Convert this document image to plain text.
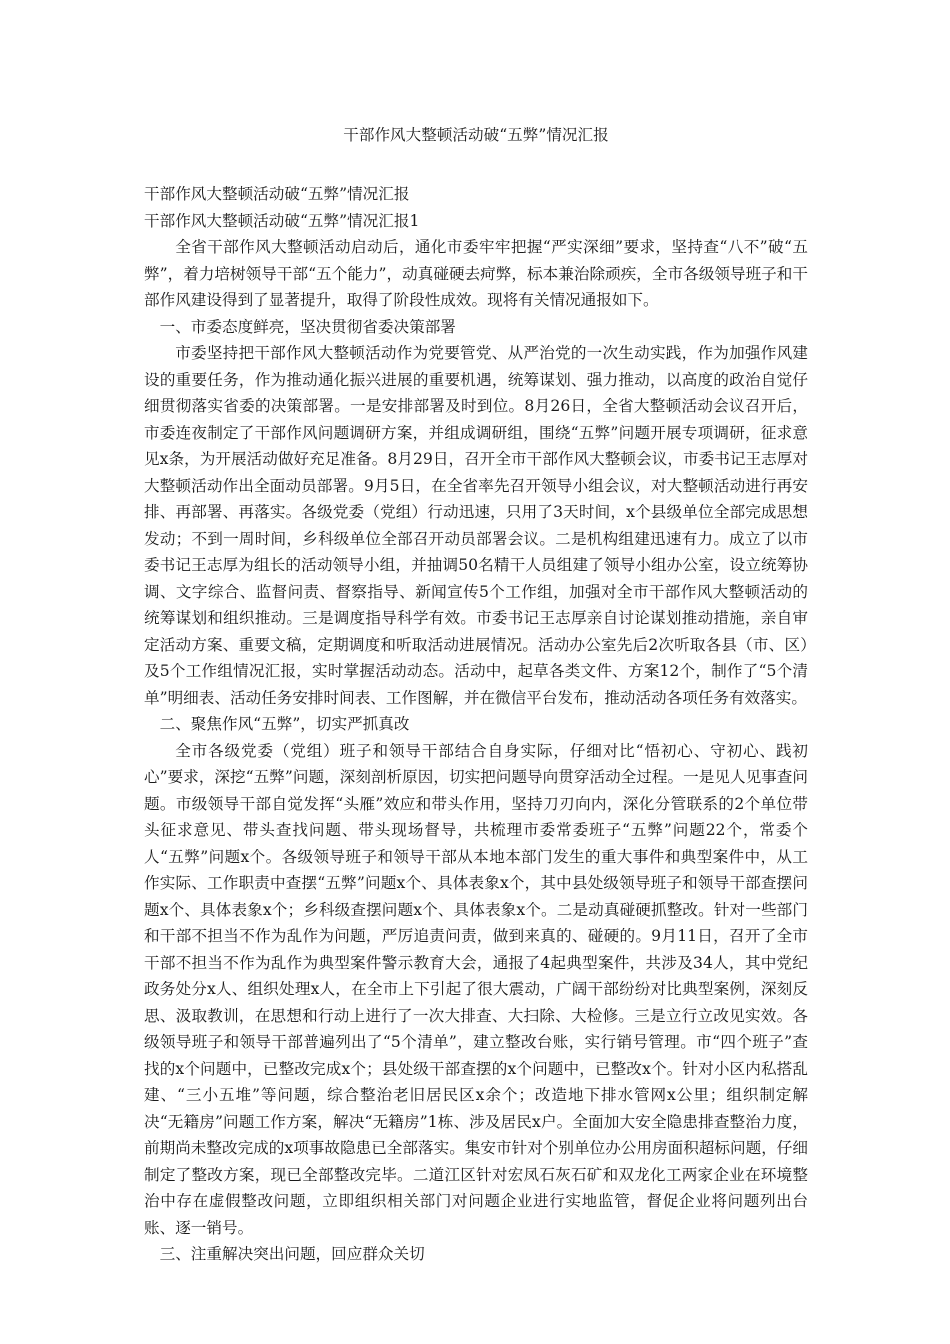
干部作风大整顿活动破“五弊”情况汇报

干部作风大整顿活动破“五弊”情况汇报

干部作风大整顿活动破“五弊”情况汇报1

全省干部作风大整顿活动启动后，通化市委牢牢把握“严实深细”要求，坚持查“八不”破“五弊”，着力培树领导干部“五个能力”，动真碰硬去疴弊，标本兼治除顽疾，全市各级领导班子和干部作风建设得到了显著提升，取得了阶段性成效。现将有关情况通报如下。

一、市委态度鲜亮，坚决贯彻省委决策部署

市委坚持把干部作风大整顿活动作为党要管党、从严治党的一次生动实践，作为加强作风建设的重要任务，作为推动通化振兴进展的重要机遇，统筹谋划、强力推动，以高度的政治自觉仔细贯彻落实省委的决策部署。一是安排部署及时到位。8月26日，全省大整顿活动会议召开后，市委连夜制定了干部作风问题调研方案，并组成调研组，围绕“五弊”问题开展专项调研，征求意见x条，为开展活动做好充足准备。8月29日，召开全市干部作风大整顿会议，市委书记王志厚对大整顿活动作出全面动员部署。9月5日，在全省率先召开领导小组会议，对大整顿活动进行再安排、再部署、再落实。各级党委（党组）行动迅速，只用了3天时间，x个县级单位全部完成思想发动；不到一周时间，乡科级单位全部召开动员部署会议。二是机构组建迅速有力。成立了以市委书记王志厚为组长的活动领导小组，并抽调50名精干人员组建了领导小组办公室，设立统筹协调、文字综合、监督问责、督察指导、新闻宣传5个工作组，加强对全市干部作风大整顿活动的统筹谋划和组织推动。三是调度指导科学有效。市委书记王志厚亲自讨论谋划推动措施，亲自审定活动方案、重要文稿，定期调度和听取活动进展情况。活动办公室先后2次听取各县（市、区）及5个工作组情况汇报，实时掌握活动动态。活动中，起草各类文件、方案12个，制作了“5个清单”明细表、活动任务安排时间表、工作图解，并在微信平台发布，推动活动各项任务有效落实。

二、聚焦作风“五弊”，切实严抓真改

全市各级党委（党组）班子和领导干部结合自身实际，仔细对比“悟初心、守初心、践初心”要求，深挖“五弊”问题，深刻剖析原因，切实把问题导向贯穿活动全过程。一是见人见事查问题。市级领导干部自觉发挥“头雁”效应和带头作用，坚持刀刃向内，深化分管联系的2个单位带头征求意见、带头查找问题、带头现场督导，共梳理市委常委班子“五弊”问题22个，常委个人“五弊”问题x个。各级领导班子和领导干部从本地本部门发生的重大事件和典型案件中，从工作实际、工作职责中查摆“五弊”问题x个、具体表象x个，其中县处级领导班子和领导干部查摆问题x个、具体表象x个；乡科级查摆问题x个、具体表象x个。二是动真碰硬抓整改。针对一些部门和干部不担当不作为乱作为问题，严厉追责问责，做到来真的、碰硬的。9月11日，召开了全市干部不担当不作为乱作为典型案件警示教育大会，通报了4起典型案件，共涉及34人，其中党纪政务处分x人、组织处理x人，在全市上下引起了很大震动，广阔干部纷纷对比典型案例，深刻反思、汲取教训，在思想和行动上进行了一次大排查、大扫除、大检修。三是立行立改见实效。各级领导班子和领导干部普遍列出了“5个清单”，建立整改台账，实行销号管理。市“四个班子”查找的x个问题中，已整改完成x个；县处级干部查摆的x个问题中，已整改x个。针对小区内私搭乱建、“三小五堆”等问题，综合整治老旧居民区x余个；改造地下排水管网x公里；组织制定解决“无籍房”问题工作方案，解决“无籍房”1栋、涉及居民x户。全面加大安全隐患排查整治力度，前期尚未整改完成的x项事故隐患已全部落实。集安市针对个别单位办公用房面积超标问题，仔细制定了整改方案，现已全部整改完毕。二道江区针对宏凤石灰石矿和双龙化工两家企业在环境整治中存在虚假整改问题，立即组织相关部门对问题企业进行实地监管，督促企业将问题列出台账、逐一销号。

三、注重解决突出问题，回应群众关切
